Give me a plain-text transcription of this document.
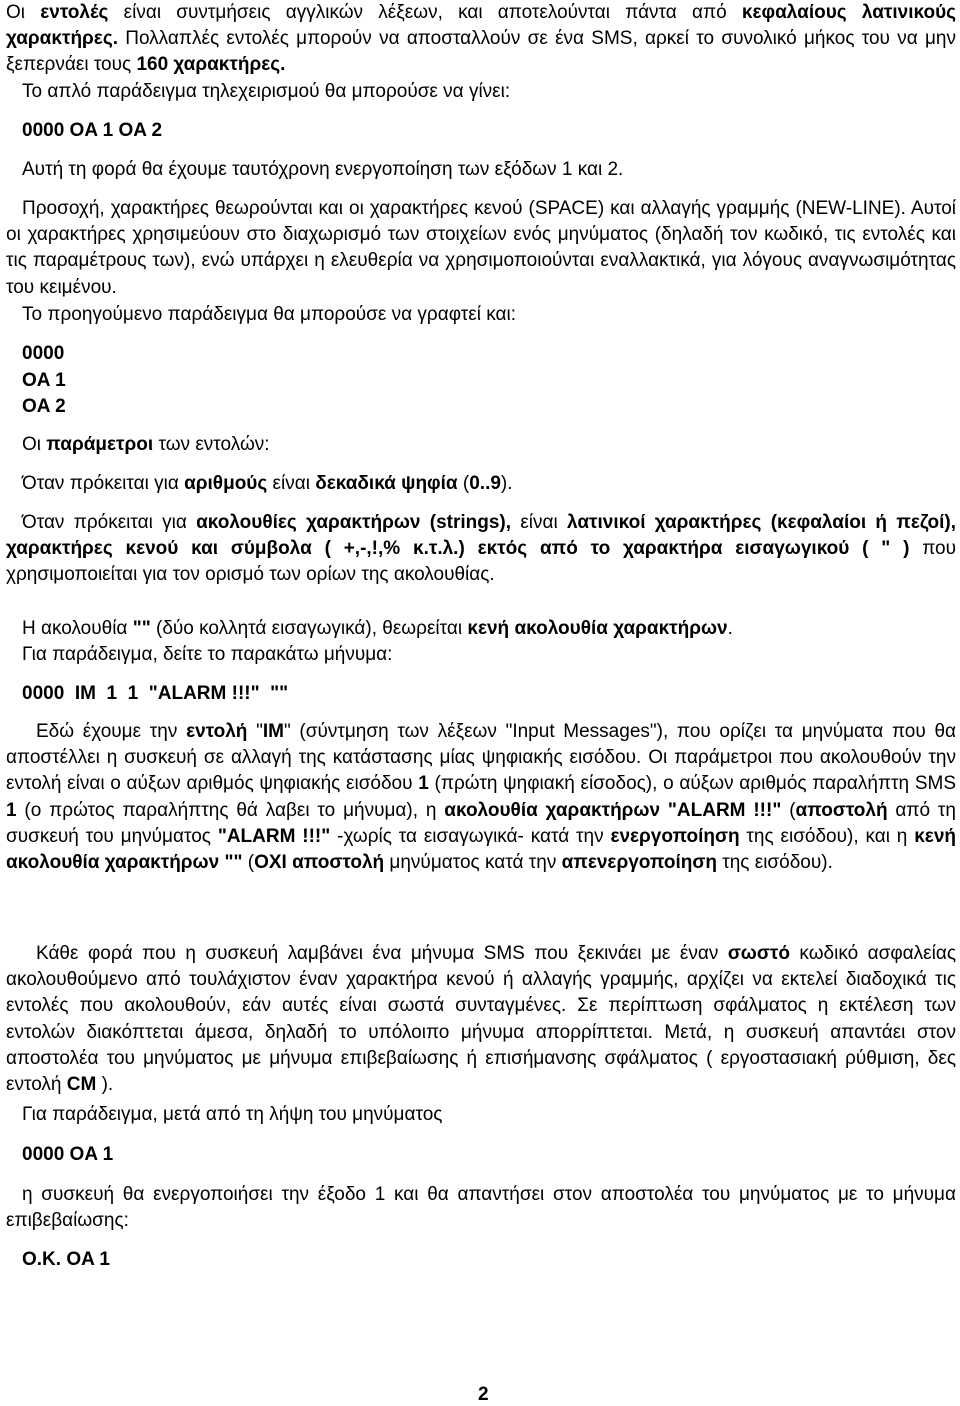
Οι εντολές είναι συντμήσεις αγγλικών λέξεων, και αποτελούνται πάντα από κεφαλαίους λατινικούς χαρακτήρες. Πολλαπλές εντολές μπορούν να αποσταλλούν σε ένα SMS, αρκεί το συνολικό μήκος του να μην ξεπερνάει τους 160 χαρακτήρες.

Το απλό παράδειγμα τηλεχειρισμού θα μπορούσε να γίνει:

0000 OA 1 OA 2

Αυτή τη φορά θα έχουμε ταυτόχρονη ενεργοποίηση των εξόδων 1 και 2.

Προσοχή, χαρακτήρες θεωρούνται και οι χαρακτήρες κενού (SPACE) και αλλαγής γραμμής (NEW-LINE). Αυτοί οι χαρακτήρες χρησιμεύουν στο διαχωρισμό των στοιχείων ενός μηνύματος (δηλαδή τον κωδικό, τις εντολές και τις παραμέτρους των), ενώ υπάρχει η ελευθερία να χρησιμοποιούνται εναλλακτικά, για λόγους αναγνωσιμότητας του κειμένου.

Το προηγούμενο παράδειγμα θα μπορούσε να γραφτεί και:

0000
OA 1
OA 2

Οι παράμετροι των εντολών:

Όταν πρόκειται για αριθμούς είναι δεκαδικά ψηφία (0..9).

Όταν πρόκειται για ακολουθίες χαρακτήρων (strings), είναι λατινικοί χαρακτήρες (κεφαλαίοι ή πεζοί), χαρακτήρες κενού και σύμβολα ( +,-,!,% κ.τ.λ.) εκτός από το χαρακτήρα εισαγωγικού ( " ) που χρησιμοποιείται για τον ορισμό των ορίων της ακολουθίας.

Η ακολουθία "" (δύο κολλητά εισαγωγικά), θεωρείται κενή ακολουθία χαρακτήρων.

Για παράδειγμα, δείτε το παρακάτω μήνυμα:

0000  IM  1  1  "ALARM !!!"  ""

Εδώ έχουμε την εντολή "IM" (σύντμηση των λέξεων "Input Messages"), που ορίζει τα μηνύματα που θα αποστέλλει η συσκευή σε αλλαγή της κατάστασης μίας ψηφιακής εισόδου. Οι παράμετροι που ακολουθούν την εντολή είναι ο αύξων αριθμός ψηφιακής εισόδου 1 (πρώτη ψηφιακή είσοδος), ο αύξων αριθμός παραλήπτη SMS 1 (ο πρώτος παραλήπτης θά λαβει το μήνυμα), η ακολουθία χαρακτήρων "ALARM !!!" (αποστολή από τη συσκευή του μηνύματος "ALARM !!!" -χωρίς τα εισαγωγικά- κατά την ενεργοποίηση της εισόδου), και η κενή ακολουθία χαρακτήρων "" (ΟΧΙ αποστολή μηνύματος κατά την απενεργοποίηση της εισόδου).

Κάθε φορά που η συσκευή λαμβάνει ένα μήνυμα SMS που ξεκινάει με έναν σωστό κωδικό ασφαλείας ακολουθούμενο από τουλάχιστον έναν χαρακτήρα κενού ή αλλαγής γραμμής, αρχίζει να εκτελεί διαδοχικά τις εντολές που ακολουθούν, εάν αυτές είναι σωστά συνταγμένες. Σε περίπτωση σφάλματος η εκτέλεση των εντολών διακόπτεται άμεσα, δηλαδή το υπόλοιπο μήνυμα απορρίπτεται. Μετά, η συσκευή απαντάει στον αποστολέα του μηνύματος με μήνυμα επιβεβαίωσης ή επισήμανσης σφάλματος ( εργοστασιακή ρύθμιση, δες εντολή CM ).

Για παράδειγμα, μετά από τη λήψη του μηνύματος

0000 OA 1

η συσκευή θα ενεργοποιήσει την έξοδο 1 και θα απαντήσει στον αποστολέα του μηνύματος με το μήνυμα επιβεβαίωσης:

O.K. OA 1

2
